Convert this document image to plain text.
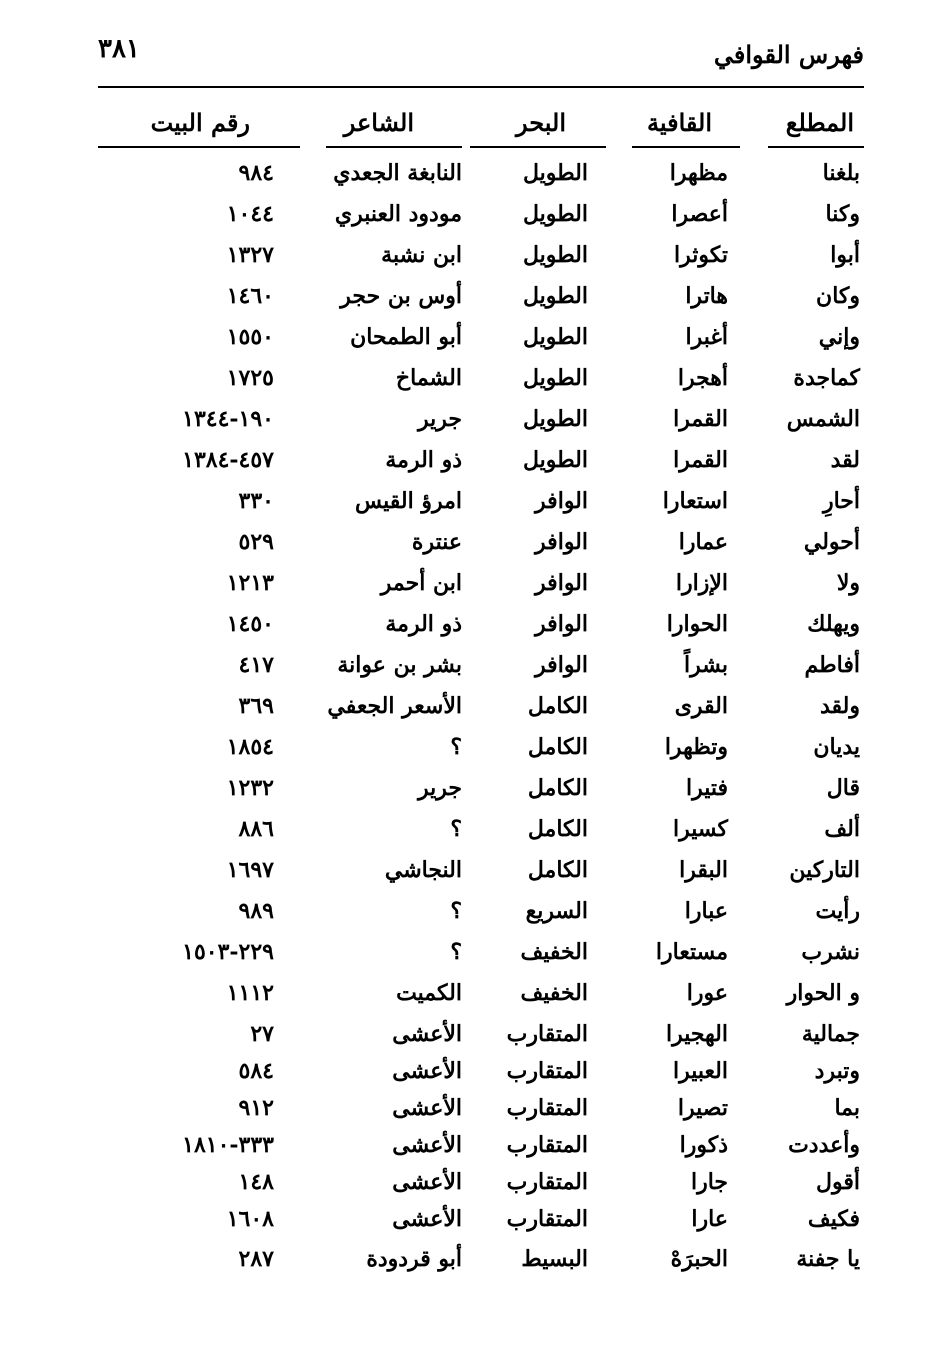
فهرس القوافي
٣٨١
المطلع
القافية
البحر
الشاعر
رقم البيت
بلغنا
مظهرا
الطويل
النابغة الجعدي
٩٨٤
وكنا
أعصرا
الطويل
مودود العنبري
١٠٤٤
أبوا
تكوثرا
الطويل
ابن نشبة
١٣٢٧
وكان
هاترا
الطويل
أوس بن حجر
١٤٦٠
وإني
أغبرا
الطويل
أبو الطمحان
١٥٥٠
كماجدة
أهجرا
الطويل
الشماخ
١٧٢٥
الشمس
القمرا
الطويل
جرير
١٩٠-١٣٤٤
لقد
القمرا
الطويل
ذو الرمة
٤٥٧-١٣٨٤
أحارِ
استعارا
الوافر
امرؤ القيس
٣٣٠
أحولي
عمارا
الوافر
عنترة
٥٢٩
ولا
الإزارا
الوافر
ابن أحمر
١٢١٣
ويهلك
الحوارا
الوافر
ذو الرمة
١٤٥٠
أفاطم
بشراً
الوافر
بشر بن عوانة
٤١٧
ولقد
القرى
الكامل
الأسعر الجعفي
٣٦٩
يديان
وتظهرا
الكامل
؟
١٨٥٤
قال
فتيرا
الكامل
جرير
١٢٣٢
ألف
كسيرا
الكامل
؟
٨٨٦
التاركين
البقرا
الكامل
النجاشي
١٦٩٧
رأيت
عبارا
السريع
؟
٩٨٩
نشرب
مستعارا
الخفيف
؟
٢٢٩-١٥٠٣
و الحوار
عورا
الخفيف
الكميت
١١١٢
جمالية
الهجيرا
المتقارب
الأعشى
٢٧
وتبرد
العبيرا
المتقارب
الأعشى
٥٨٤
بما
تصيرا
المتقارب
الأعشى
٩١٢
وأعددت
ذكورا
المتقارب
الأعشى
٣٣٣-١٨١٠
أقول
جارا
المتقارب
الأعشى
١٤٨
فكيف
عارا
المتقارب
الأعشى
١٦٠٨
يا جفنة
الحبرَهْ
البسيط
أبو قردودة
٢٨٧
